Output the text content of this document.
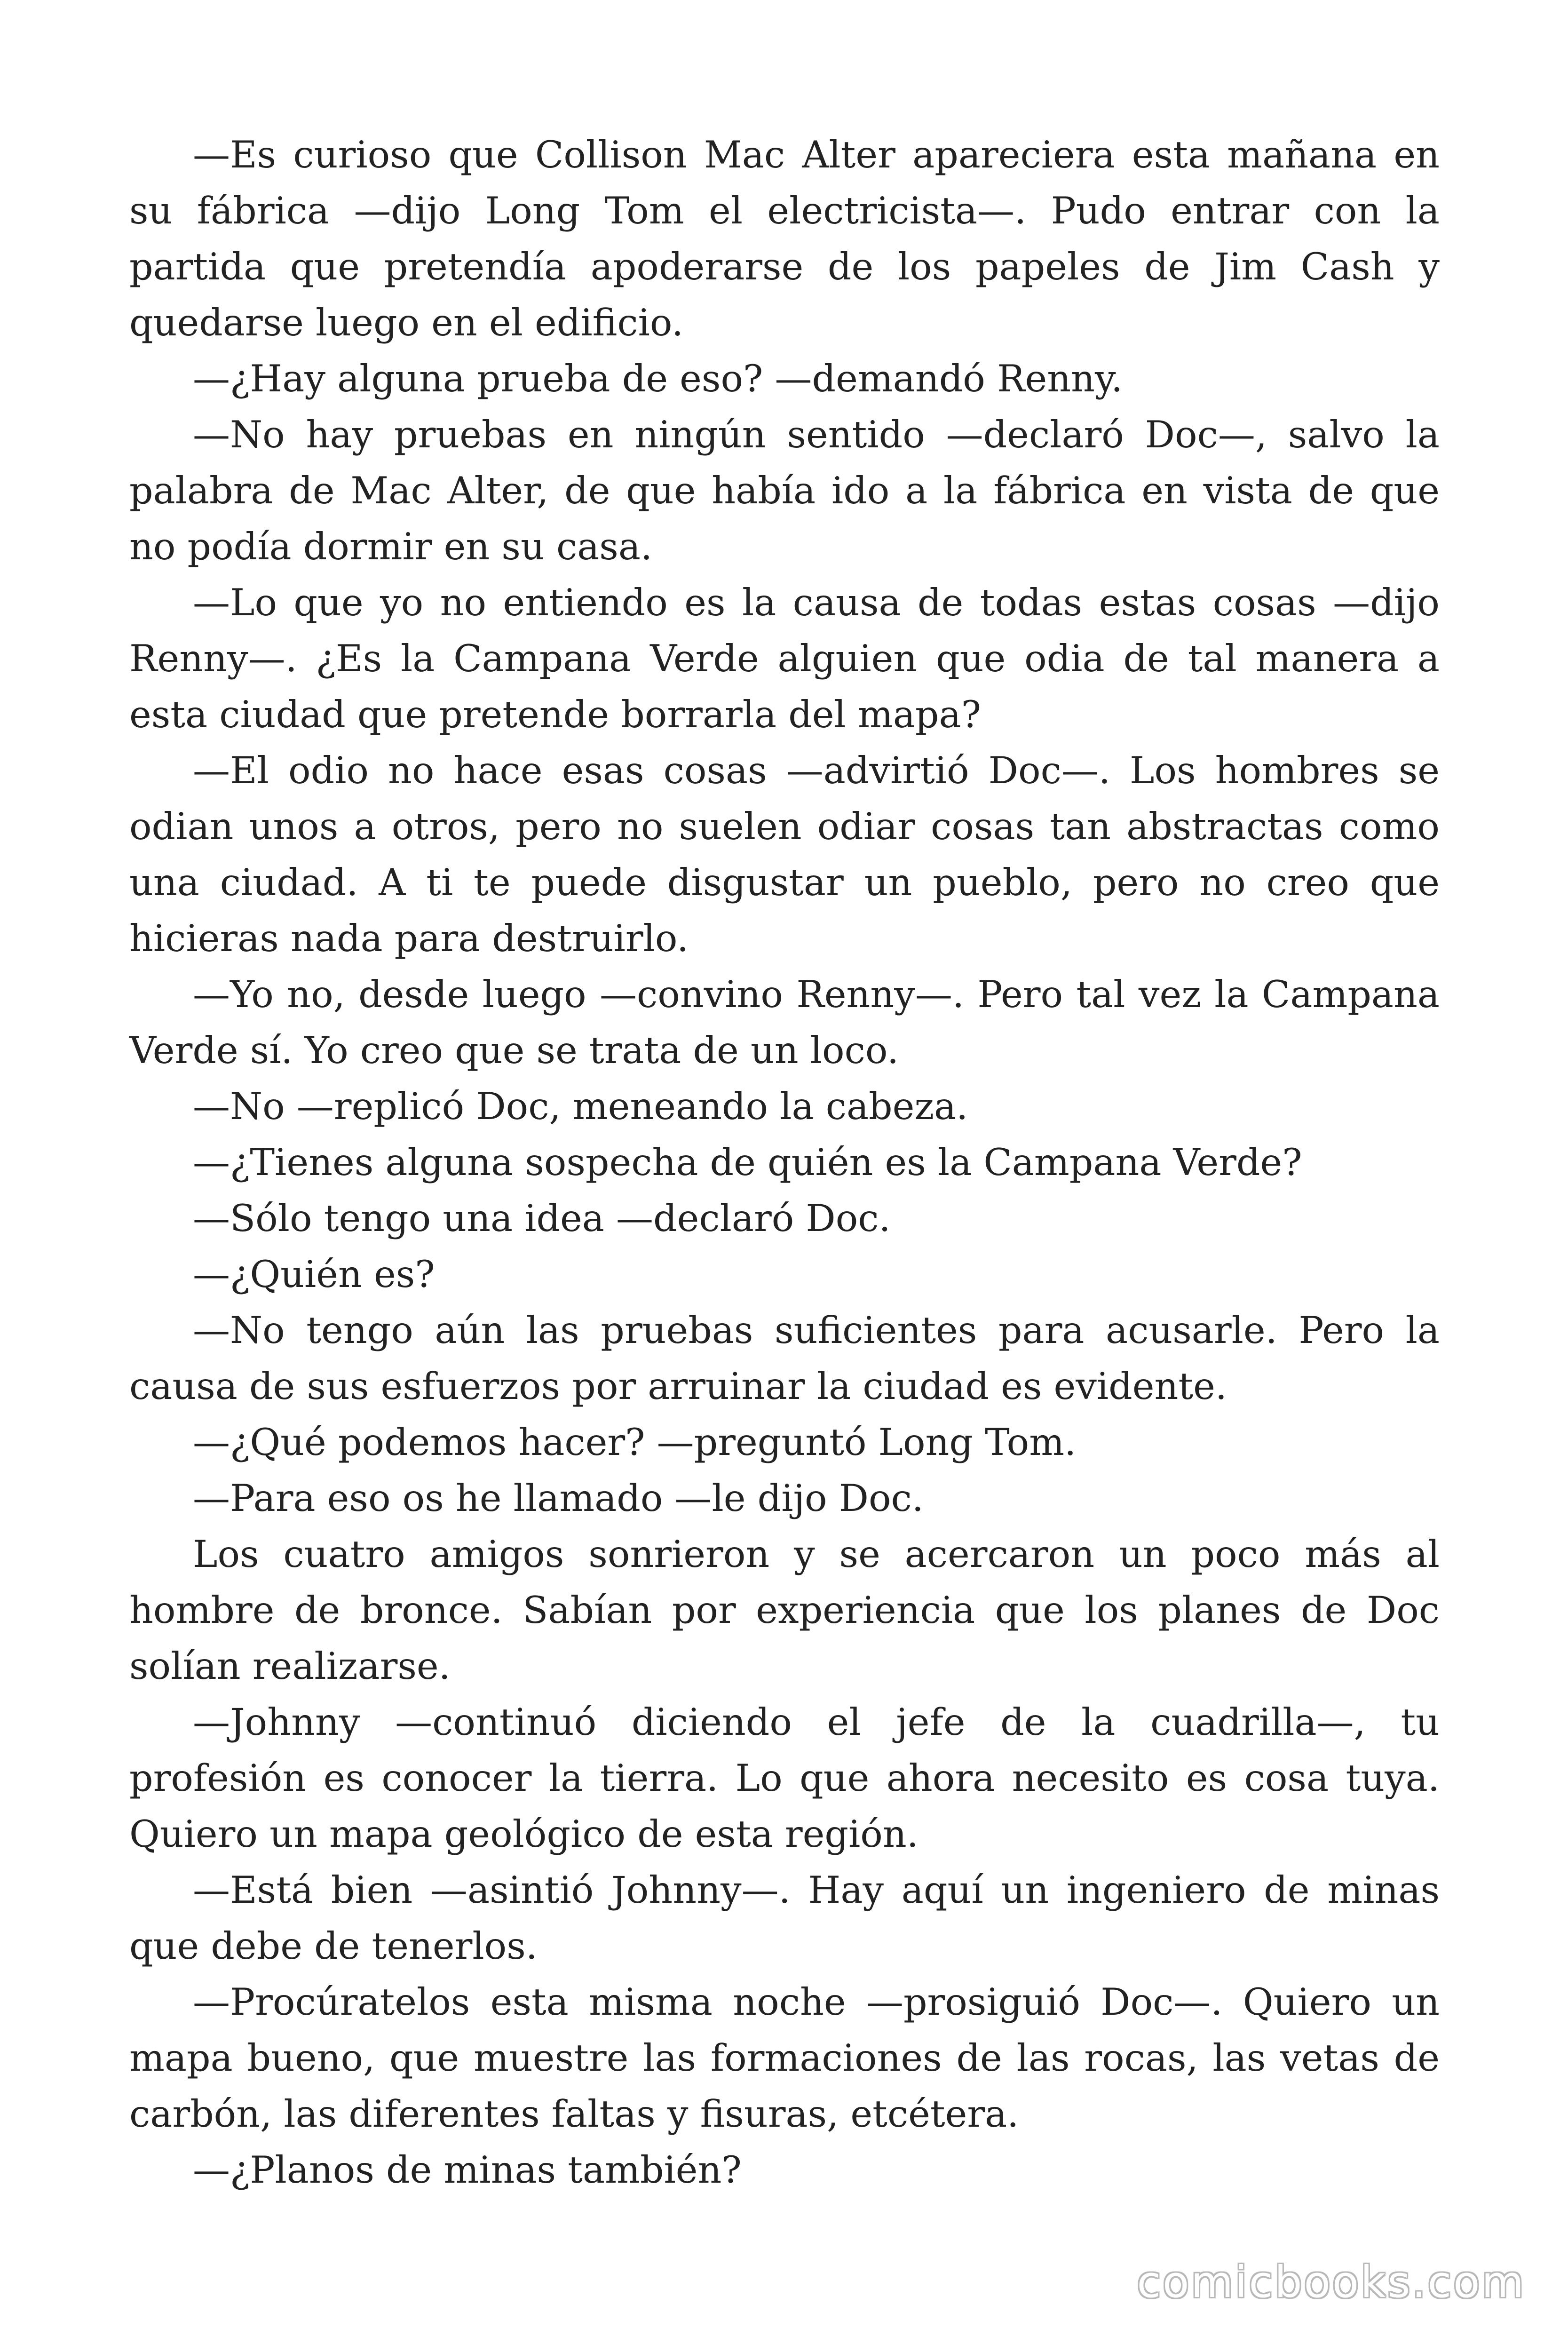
—Es curioso que Collison Mac Alter apareciera esta mañana en su fábrica —dijo Long Tom el electricista—. Pudo entrar con la partida que pretendía apoderarse de los papeles de Jim Cash y quedarse luego en el edificio.

—¿Hay alguna prueba de eso? —demandó Renny.

—No hay pruebas en ningún sentido —declaró Doc—, salvo la palabra de Mac Alter, de que había ido a la fábrica en vista de que no podía dormir en su casa.

—Lo que yo no entiendo es la causa de todas estas cosas —dijo Renny—. ¿Es la Campana Verde alguien que odia de tal manera a esta ciudad que pretende borrarla del mapa?

—El odio no hace esas cosas —advirtió Doc—. Los hombres se odian unos a otros, pero no suelen odiar cosas tan abstractas como una ciudad. A ti te puede disgustar un pueblo, pero no creo que hicieras nada para destruirlo.

—Yo no, desde luego —convino Renny—. Pero tal vez la Campana Verde sí. Yo creo que se trata de un loco.

—No —replicó Doc, meneando la cabeza.

—¿Tienes alguna sospecha de quién es la Campana Verde?

—Sólo tengo una idea —declaró Doc.

—¿Quién es?

—No tengo aún las pruebas suficientes para acusarle. Pero la causa de sus esfuerzos por arruinar la ciudad es evidente.

—¿Qué podemos hacer? —preguntó Long Tom.

—Para eso os he llamado —le dijo Doc.

Los cuatro amigos sonrieron y se acercaron un poco más al hombre de bronce. Sabían por experiencia que los planes de Doc solían realizarse.

—Johnny —continuó diciendo el jefe de la cuadrilla—, tu profesión es conocer la tierra. Lo que ahora necesito es cosa tuya. Quiero un mapa geológico de esta región.

—Está bien —asintió Johnny—. Hay aquí un ingeniero de minas que debe de tenerlos.

—Procúratelos esta misma noche —prosiguió Doc—. Quiero un mapa bueno, que muestre las formaciones de las rocas, las vetas de carbón, las diferentes faltas y fisuras, etcétera.

—¿Planos de minas también?

comicbooks.com
